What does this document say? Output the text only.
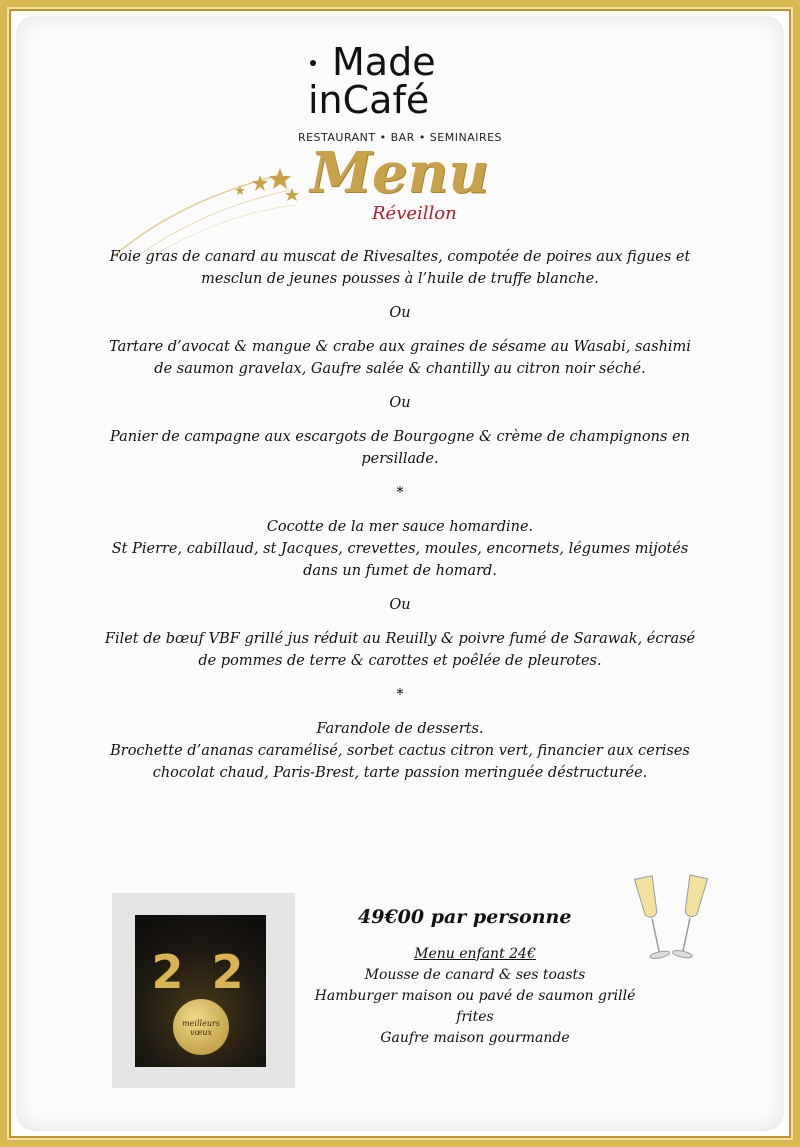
Made
inCafé
RESTAURANT • BAR • SEMINAIRES
Menu
Réveillon

Foie gras de canard au muscat de Rivesaltes, compotée de poires aux figues et mesclun de jeunes pousses à l’huile de truffe blanche.

Ou

Tartare d’avocat & mangue & crabe aux graines de sésame au Wasabi, sashimi de saumon gravelax, Gaufre salée & chantilly au citron noir séché.

Ou

Panier de campagne aux escargots de Bourgogne & crème de champignons en persillade.

*

Cocotte de la mer sauce homardine.

St Pierre, cabillaud, st Jacques, crevettes, moules, encornets, légumes mijotés dans un fumet de homard.

Ou

Filet de bœuf VBF grillé jus réduit au Reuilly & poivre fumé de Sarawak, écrasé de pommes de terre & carottes et poêlée de pleurotes.

*

Farandole de desserts.

Brochette d’ananas caramélisé, sorbet cactus citron vert, financier aux cerises chocolat chaud, Paris-Brest, tarte passion meringuée déstructurée.

2 2
meilleurs vœux
49€00 par personne
Menu enfant 24€
Mousse de canard & ses toasts
Hamburger maison ou pavé de saumon grillé frites
Gaufre maison gourmande
